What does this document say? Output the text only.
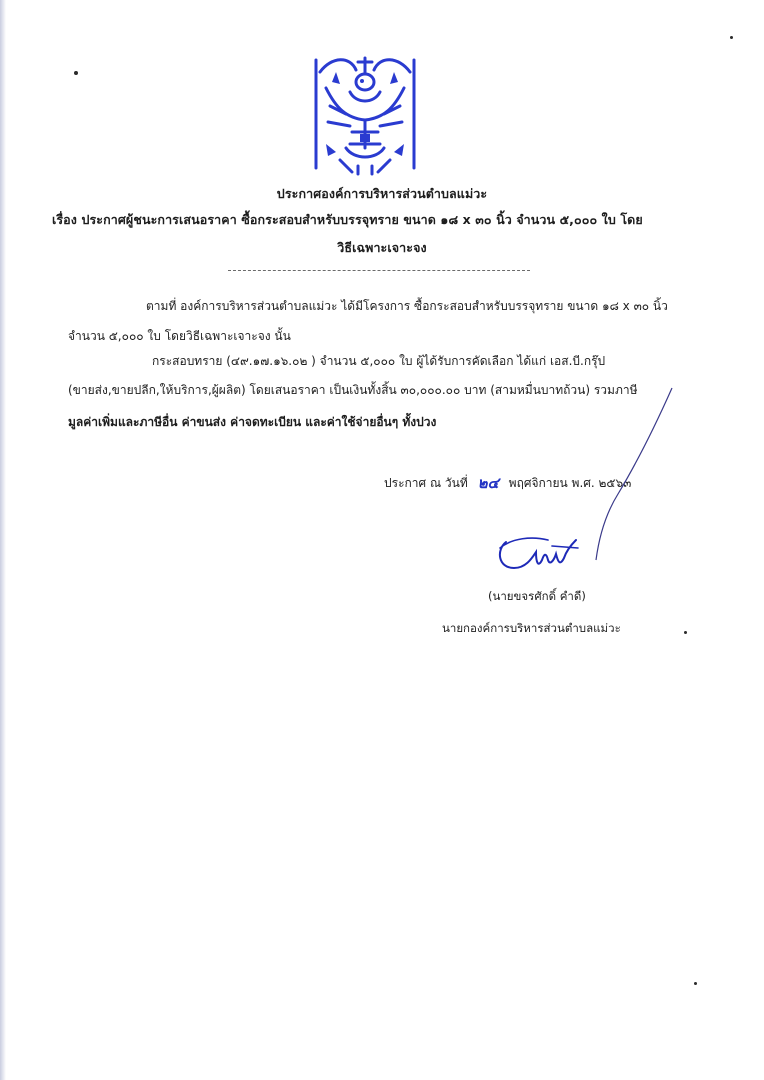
ประกาศองค์การบริหารส่วนตำบลแม่วะ
เรื่อง ประกาศผู้ชนะการเสนอราคา ซื้อกระสอบสำหรับบรรจุทราย ขนาด ๑๘ x ๓๐ นิ้ว จำนวน ๕,๐๐๐ ใบ โดย
วิธีเฉพาะเจาะจง
ตามที่ องค์การบริหารส่วนตำบลแม่วะ ได้มีโครงการ ซื้อกระสอบสำหรับบรรจุทราย ขนาด ๑๘ x ๓๐ นิ้ว
จำนวน ๕,๐๐๐ ใบ โดยวิธีเฉพาะเจาะจง นั้น
กระสอบทราย (๔๙.๑๗.๑๖.๐๒ ) จำนวน ๕,๐๐๐ ใบ ผู้ได้รับการคัดเลือก ได้แก่ เอส.บี.กรุ๊ป
(ขายส่ง,ขายปลีก,ให้บริการ,ผู้ผลิต) โดยเสนอราคา เป็นเงินทั้งสิ้น ๓๐,๐๐๐.๐๐ บาท (สามหมื่นบาทถ้วน) รวมภาษี
มูลค่าเพิ่มและภาษีอื่น ค่าขนส่ง ค่าจดทะเบียน และค่าใช้จ่ายอื่นๆ ทั้งปวง
ประกาศ ณ วันที่ ๒๔ พฤศจิกายน พ.ศ. ๒๕๖๓
(นายขจรศักดิ์ คำดี)
นายกองค์การบริหารส่วนตำบลแม่วะ
